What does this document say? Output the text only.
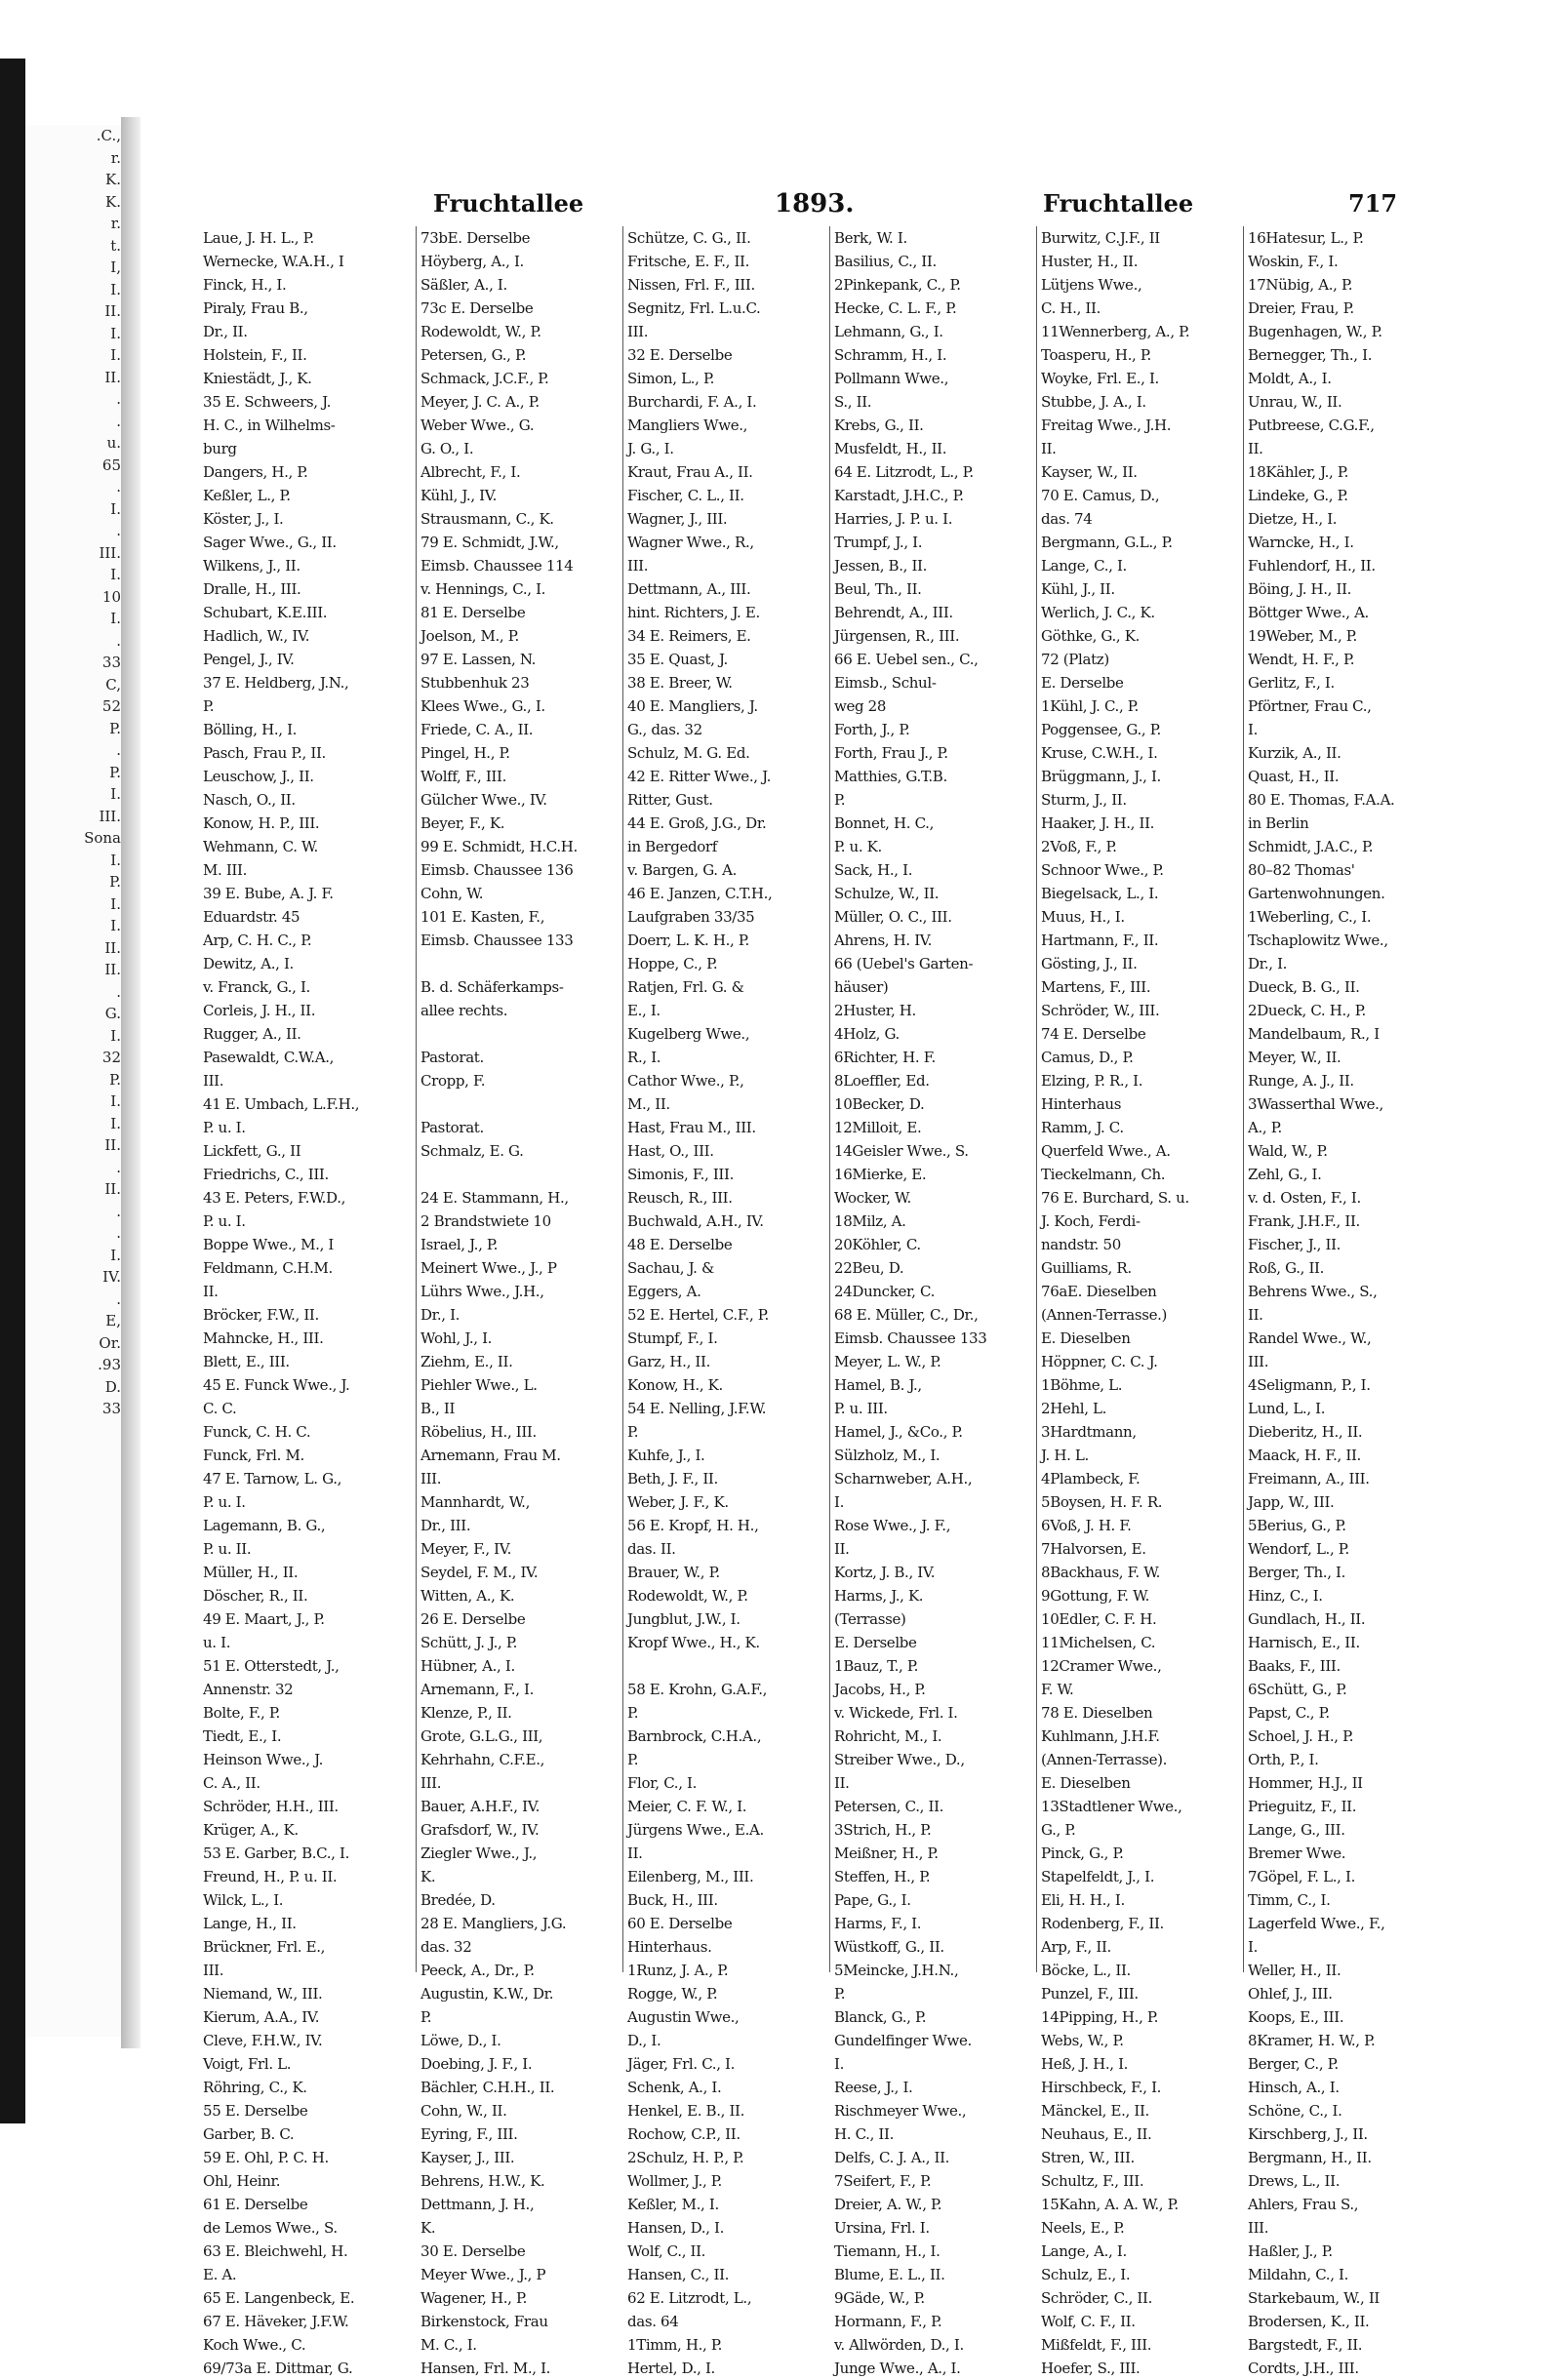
.C.,
r.
K.
K.
r.
t.
I,
I.
II.
I.
I.
II.
.
.
u.
65
.
I.
.
III.
I.
10
I.
.
33
C,
52
P.
.
P.
I.
III.
Sona
I.
P.
I.
I.
II.
II.
.
G.
I.
32
P.
I.
I.
II.
.
II.
.
.
I.
IV.
.
E,
Or.
.93
D.
33
Fruchtallee	1893.	Fruchtallee	717
Laue, J. H. L., P.
Wernecke, W.A.H., I
Finck, H., I.
Piraly, Frau B.,
Dr., II.
Holstein, F., II.
Kniestädt, J., K.
35 E. Schweers, J.
H. C., in Wilhelms-
burg
Dangers, H., P.
Keßler, L., P.
Köster, J., I.
Sager Wwe., G., II.
Wilkens, J., II.
Dralle, H., III.
Schubart, K.E.III.
Hadlich, W., IV.
Pengel, J., IV.
37 E. Heldberg, J.N.,
P.
Bölling, H., I.
Pasch, Frau P., II.
Leuschow, J., II.
Nasch, O., II.
Konow, H. P., III.
Wehmann, C. W.
M. III.
39 E. Bube, A. J. F.
Eduardstr. 45
Arp, C. H. C., P.
Dewitz, A., I.
v. Franck, G., I.
Corleis, J. H., II.
Rugger, A., II.
Pasewaldt, C.W.A.,
III.
41 E. Umbach, L.F.H.,
P. u. I.
Lickfett, G., II
Friedrichs, C., III.
43 E. Peters, F.W.D.,
P. u. I.
Boppe Wwe., M., I
Feldmann, C.H.M.
II.
Bröcker, F.W., II.
Mahncke, H., III.
Blett, E., III.
45 E. Funck Wwe., J.
C. C.
Funck, C. H. C.
Funck, Frl. M.
47 E. Tarnow, L. G.,
P. u. I.
Lagemann, B. G.,
P. u. II.
Müller, H., II.
Döscher, R., II.
49 E. Maart, J., P.
u. I.
51 E. Otterstedt, J.,
Annenstr. 32
Bolte, F., P.
Tiedt, E., I.
Heinson Wwe., J.
C. A., II.
Schröder, H.H., III.
Krüger, A., K.
53 E. Garber, B.C., I.
Freund, H., P. u. II.
Wilck, L., I.
Lange, H., II.
Brückner, Frl. E.,
III.
Niemand, W., III.
Kierum, A.A., IV.
Cleve, F.H.W., IV.
Voigt, Frl. L.
Röhring, C., K.
55 E. Derselbe
Garber, B. C.
59 E. Ohl, P. C. H.
Ohl, Heinr.
61 E. Derselbe
de Lemos Wwe., S.
63 E. Bleichwehl, H.
E. A.
65 E. Langenbeck, E.
67 E. Häveker, J.F.W.
Koch Wwe., C.
69/73a E. Dittmar, G.
73bE. Derselbe
Höyberg, A., I.
Säßler, A., I.
73c E. Derselbe
Rodewoldt, W., P.
Petersen, G., P.
Schmack, J.C.F., P.
Meyer, J. C. A., P.
Weber Wwe., G.
G. O., I.
Albrecht, F., I.
Kühl, J., IV.
Strausmann, C., K.
79 E. Schmidt, J.W.,
Eimsb. Chaussee 114
v. Hennings, C., I.
81 E. Derselbe
Joelson, M., P.
97 E. Lassen, N.
Stubbenhuk 23
Klees Wwe., G., I.
Friede, C. A., II.
Pingel, H., P.
Wolff, F., III.
Gülcher Wwe., IV.
Beyer, F., K.
99 E. Schmidt, H.C.H.
Eimsb. Chaussee 136
Cohn, W.
101 E. Kasten, F.,
Eimsb. Chaussee 133
B. d. Schäferkamps-
allee rechts.
Pastorat.
Cropp, F.
Pastorat.
Schmalz, E. G.
24 E. Stammann, H.,
2 Brandstwiete 10
Israel, J., P.
Meinert Wwe., J., P
Lührs Wwe., J.H.,
Dr., I.
Wohl, J., I.
Ziehm, E., II.
Piehler Wwe., L.
B., II
Röbelius, H., III.
Arnemann, Frau M.
III.
Mannhardt, W.,
Dr., III.
Meyer, F., IV.
Seydel, F. M., IV.
Witten, A., K.
26 E. Derselbe
Schütt, J. J., P.
Hübner, A., I.
Arnemann, F., I.
Klenze, P., II.
Grote, G.L.G., III,
Kehrhahn, C.F.E.,
III.
Bauer, A.H.F., IV.
Grafsdorf, W., IV.
Ziegler Wwe., J.,
K.
Bredée, D.
28 E. Mangliers, J.G.
das. 32
Peeck, A., Dr., P.
Augustin, K.W., Dr.
P.
Löwe, D., I.
Doebing, J. F., I.
Bächler, C.H.H., II.
Cohn, W., II.
Eyring, F., III.
Kayser, J., III.
Behrens, H.W., K.
Dettmann, J. H.,
K.
30 E. Derselbe
Meyer Wwe., J., P
Wagener, H., P.
Birkenstock, Frau
M. C., I.
Hansen, Frl. M., I.
Schütze, C. G., II.
Fritsche, E. F., II.
Nissen, Frl. F., III.
Segnitz, Frl. L.u.C.
III.
32 E. Derselbe
Simon, L., P.
Burchardi, F. A., I.
Mangliers Wwe.,
J. G., I.
Kraut, Frau A., II.
Fischer, C. L., II.
Wagner, J., III.
Wagner Wwe., R.,
III.
Dettmann, A., III.
hint. Richters, J. E.
34 E. Reimers, E.
35 E. Quast, J.
38 E. Breer, W.
40 E. Mangliers, J.
G., das. 32
Schulz, M. G. Ed.
42 E. Ritter Wwe., J.
Ritter, Gust.
44 E. Groß, J.G., Dr.
in Bergedorf
v. Bargen, G. A.
46 E. Janzen, C.T.H.,
Laufgraben 33/35
Doerr, L. K. H., P.
Hoppe, C., P.
Ratjen, Frl. G. &
E., I.
Kugelberg Wwe.,
R., I.
Cathor Wwe., P.,
M., II.
Hast, Frau M., III.
Hast, O., III.
Simonis, F., III.
Reusch, R., III.
Buchwald, A.H., IV.
48 E. Derselbe
Sachau, J. &
Eggers, A.
52 E. Hertel, C.F., P.
Stumpf, F., I.
Garz, H., II.
Konow, H., K.
54 E. Nelling, J.F.W.
P.
Kuhfe, J., I.
Beth, J. F., II.
Weber, J. F., K.
56 E. Kropf, H. H.,
das. II.
Brauer, W., P.
Rodewoldt, W., P.
Jungblut, J.W., I.
Kropf Wwe., H., K.
58 E. Krohn, G.A.F.,
P.
Barnbrock, C.H.A.,
P.
Flor, C., I.
Meier, C. F. W., I.
Jürgens Wwe., E.A.
II.
Eilenberg, M., III.
Buck, H., III.
60 E. Derselbe
Hinterhaus.
1Runz, J. A., P.
Rogge, W., P.
Augustin Wwe.,
D., I.
Jäger, Frl. C., I.
Schenk, A., I.
Henkel, E. B., II.
Rochow, C.P., II.
2Schulz, H. P., P.
Wollmer, J., P.
Keßler, M., I.
Hansen, D., I.
Wolf, C., II.
Hansen, C., II.
62 E. Litzrodt, L.,
das. 64
1Timm, H., P.
Hertel, D., I.
Berk, W. I.
Basilius, C., II.
2Pinkepank, C., P.
Hecke, C. L. F., P.
Lehmann, G., I.
Schramm, H., I.
Pollmann Wwe.,
S., II.
Krebs, G., II.
Musfeldt, H., II.
64 E. Litzrodt, L., P.
Karstadt, J.H.C., P.
Harries, J. P. u. I.
Trumpf, J., I.
Jessen, B., II.
Beul, Th., II.
Behrendt, A., III.
Jürgensen, R., III.
66 E. Uebel sen., C.,
Eimsb., Schul-
weg 28
Forth, J., P.
Forth, Frau J., P.
Matthies, G.T.B.
P.
Bonnet, H. C.,
P. u. K.
Sack, H., I.
Schulze, W., II.
Müller, O. C., III.
Ahrens, H. IV.
66 (Uebel's Garten-
häuser)
2Huster, H.
4Holz, G.
6Richter, H. F.
8Loeffler, Ed.
10Becker, D.
12Milloit, E.
14Geisler Wwe., S.
16Mierke, E.
Wocker, W.
18Milz, A.
20Köhler, C.
22Beu, D.
24Duncker, C.
68 E. Müller, C., Dr.,
Eimsb. Chaussee 133
Meyer, L. W., P.
Hamel, B. J.,
P. u. III.
Hamel, J., &Co., P.
Sülzholz, M., I.
Scharnweber, A.H.,
I.
Rose Wwe., J. F.,
II.
Kortz, J. B., IV.
Harms, J., K.
(Terrasse)
E. Derselbe
1Bauz, T., P.
Jacobs, H., P.
v. Wickede, Frl. I.
Rohricht, M., I.
Streiber Wwe., D.,
II.
Petersen, C., II.
3Strich, H., P.
Meißner, H., P.
Steffen, H., P.
Pape, G., I.
Harms, F., I.
Wüstkoff, G., II.
5Meincke, J.H.N.,
P.
Blanck, G., P.
Gundelfinger Wwe.
I.
Reese, J., I.
Rischmeyer Wwe.,
H. C., II.
Delfs, C. J. A., II.
7Seifert, F., P.
Dreier, A. W., P.
Ursina, Frl. I.
Tiemann, H., I.
Blume, E. L., II.
9Gäde, W., P.
Hormann, F., P.
v. Allwörden, D., I.
Junge Wwe., A., I.
Burwitz, C.J.F., II
Huster, H., II.
Lütjens Wwe.,
C. H., II.
11Wennerberg, A., P.
Toasperu, H., P.
Woyke, Frl. E., I.
Stubbe, J. A., I.
Freitag Wwe., J.H.
II.
Kayser, W., II.
70 E. Camus, D.,
das. 74
Bergmann, G.L., P.
Lange, C., I.
Kühl, J., II.
Werlich, J. C., K.
Göthke, G., K.
72 (Platz)
E. Derselbe
1Kühl, J. C., P.
Poggensee, G., P.
Kruse, C.W.H., I.
Brüggmann, J., I.
Sturm, J., II.
Haaker, J. H., II.
2Voß, F., P.
Schnoor Wwe., P.
Biegelsack, L., I.
Muus, H., I.
Hartmann, F., II.
Gösting, J., II.
Martens, F., III.
Schröder, W., III.
74 E. Derselbe
Camus, D., P.
Elzing, P. R., I.
Hinterhaus
Ramm, J. C.
Querfeld Wwe., A.
Tieckelmann, Ch.
76 E. Burchard, S. u.
J. Koch, Ferdi-
nandstr. 50
Guilliams, R.
76aE. Dieselben
(Annen-Terrasse.)
E. Dieselben
Höppner, C. C. J.
1Böhme, L.
2Hehl, L.
3Hardtmann,
J. H. L.
4Plambeck, F.
5Boysen, H. F. R.
6Voß, J. H. F.
7Halvorsen, E.
8Backhaus, F. W.
9Gottung, F. W.
10Edler, C. F. H.
11Michelsen, C.
12Cramer Wwe.,
F. W.
78 E. Dieselben
Kuhlmann, J.H.F.
(Annen-Terrasse).
E. Dieselben
13Stadtlener Wwe.,
G., P.
Pinck, G., P.
Stapelfeldt, J., I.
Eli, H. H., I.
Rodenberg, F., II.
Arp, F., II.
Böcke, L., II.
Punzel, F., III.
14Pipping, H., P.
Webs, W., P.
Heß, J. H., I.
Hirschbeck, F., I.
Mänckel, E., II.
Neuhaus, E., II.
Stren, W., III.
Schultz, F., III.
15Kahn, A. A. W., P.
Neels, E., P.
Lange, A., I.
Schulz, E., I.
Schröder, C., II.
Wolf, C. F., II.
Mißfeldt, F., III.
Hoefer, S., III.
16Hatesur, L., P.
Woskin, F., I.
17Nübig, A., P.
Dreier, Frau, P.
Bugenhagen, W., P.
Bernegger, Th., I.
Moldt, A., I.
Unrau, W., II.
Putbreese, C.G.F.,
II.
18Kähler, J., P.
Lindeke, G., P.
Dietze, H., I.
Warncke, H., I.
Fuhlendorf, H., II.
Böing, J. H., II.
Böttger Wwe., A.
19Weber, M., P.
Wendt, H. F., P.
Gerlitz, F., I.
Pförtner, Frau C.,
I.
Kurzik, A., II.
Quast, H., II.
80 E. Thomas, F.A.A.
in Berlin
Schmidt, J.A.C., P.
80–82 Thomas'
Gartenwohnungen.
1Weberling, C., I.
Tschaplowitz Wwe.,
Dr., I.
Dueck, B. G., II.
2Dueck, C. H., P.
Mandelbaum, R., I
Meyer, W., II.
Runge, A. J., II.
3Wasserthal Wwe.,
A., P.
Wald, W., P.
Zehl, G., I.
v. d. Osten, F., I.
Frank, J.H.F., II.
Fischer, J., II.
Roß, G., II.
Behrens Wwe., S.,
II.
Randel Wwe., W.,
III.
4Seligmann, P., I.
Lund, L., I.
Dieberitz, H., II.
Maack, H. F., II.
Freimann, A., III.
Japp, W., III.
5Berius, G., P.
Wendorf, L., P.
Berger, Th., I.
Hinz, C., I.
Gundlach, H., II.
Harnisch, E., II.
Baaks, F., III.
6Schütt, G., P.
Papst, C., P.
Schoel, J. H., P.
Orth, P., I.
Hommer, H.J., II
Prieguitz, F., II.
Lange, G., III.
Bremer Wwe.
7Göpel, F. L., I.
Timm, C., I.
Lagerfeld Wwe., F.,
I.
Weller, H., II.
Ohlef, J., III.
Koops, E., III.
8Kramer, H. W., P.
Berger, C., P.
Hinsch, A., I.
Schöne, C., I.
Kirschberg, J., II.
Bergmann, H., II.
Drews, L., II.
Ahlers, Frau S.,
III.
Haßler, J., P.
Mildahn, C., I.
Starkebaum, W., II
Brodersen, K., II.
Bargstedt, F., II.
Cordts, J.H., III.
